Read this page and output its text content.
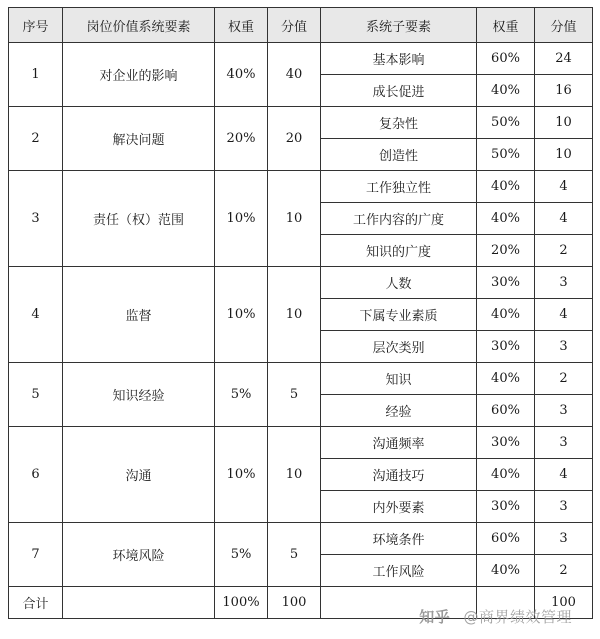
序号	岗位价值系统要素	权重	分值	系统子要素	权重	分值
1	对企业的影响	40%	40	基本影响	60%	24
				成长促进	40%	16
2	解决问题	20%	20	复杂性	50%	10
				创造性	50%	10
3	责任（权）范围	10%	10	工作独立性	40%	4
				工作内容的广度	40%	4
				知识的广度	20%	2
4	监督	10%	10	人数	30%	3
				下属专业素质	40%	4
				层次类别	30%	3
5	知识经验	5%	5	知识	40%	2
				经验	60%	3
6	沟通	10%	10	沟通频率	30%	3
				沟通技巧	40%	4
				内外要素	30%	3
7	环境风险	5%	5	环境条件	60%	3
				工作风险	40%	2
合计		100%	100			100
知乎 @商界绩效管理
